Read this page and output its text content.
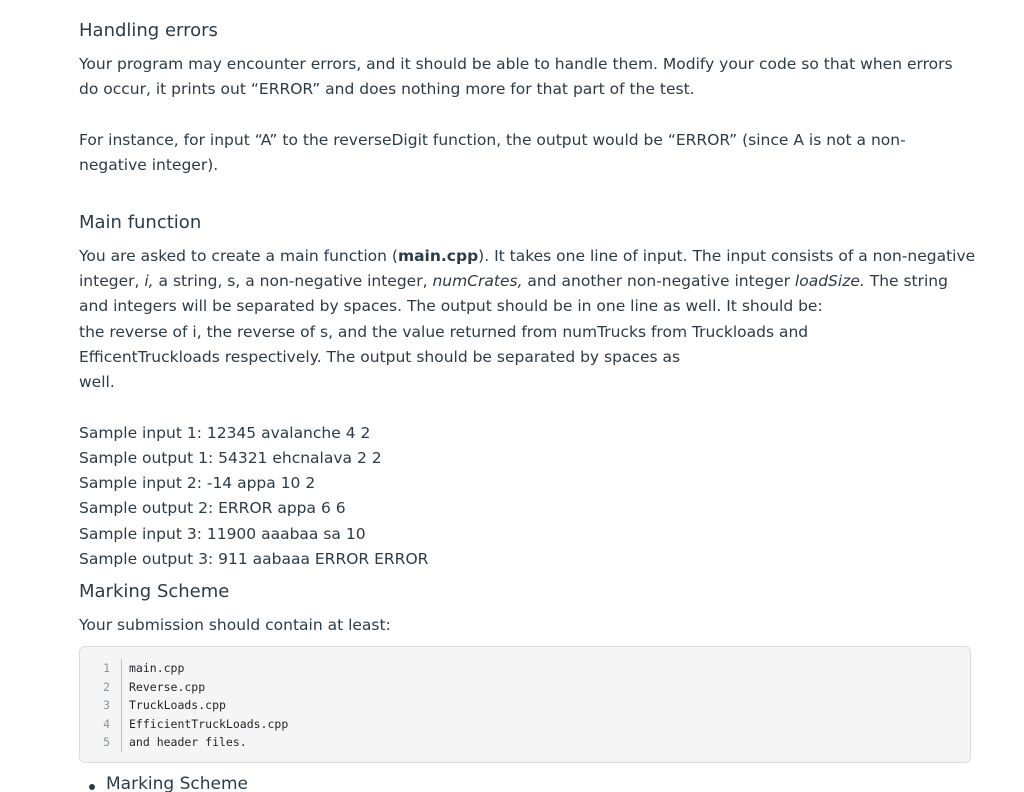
Handling errors

Your program may encounter errors, and it should be able to handle them. Modify your code so that when errors do occur, it prints out “ERROR” and does nothing more for that part of the test.

For instance, for input “A” to the reverseDigit function, the output would be “ERROR” (since A is not a non-negative integer).

Main function

You are asked to create a main function (main.cpp). It takes one line of input. The input consists of a non-negative integer, i, a string, s, a non-negative integer, numCrates, and another non-negative integer loadSize. The string and integers will be separated by spaces. The output should be in one line as well. It should be:

the reverse of i, the reverse of s, and the value returned from numTrucks from Truckloads and EfficentTruckloads respectively. The output should be separated by spaces as

well.

Sample input 1: 12345 avalanche 4 2
Sample output 1: 54321 ehcnalava 2 2
Sample input 2: -14 appa 10 2
Sample output 2: ERROR appa 6 6
Sample input 3: 11900 aaabaa sa 10
Sample output 3: 911 aabaaa ERROR ERROR
Marking Scheme

Your submission should contain at least:

1 main.cpp
2 Reverse.cpp
3 TruckLoads.cpp
4 EfficientTruckLoads.cpp
5 and header files.
Marking Scheme
